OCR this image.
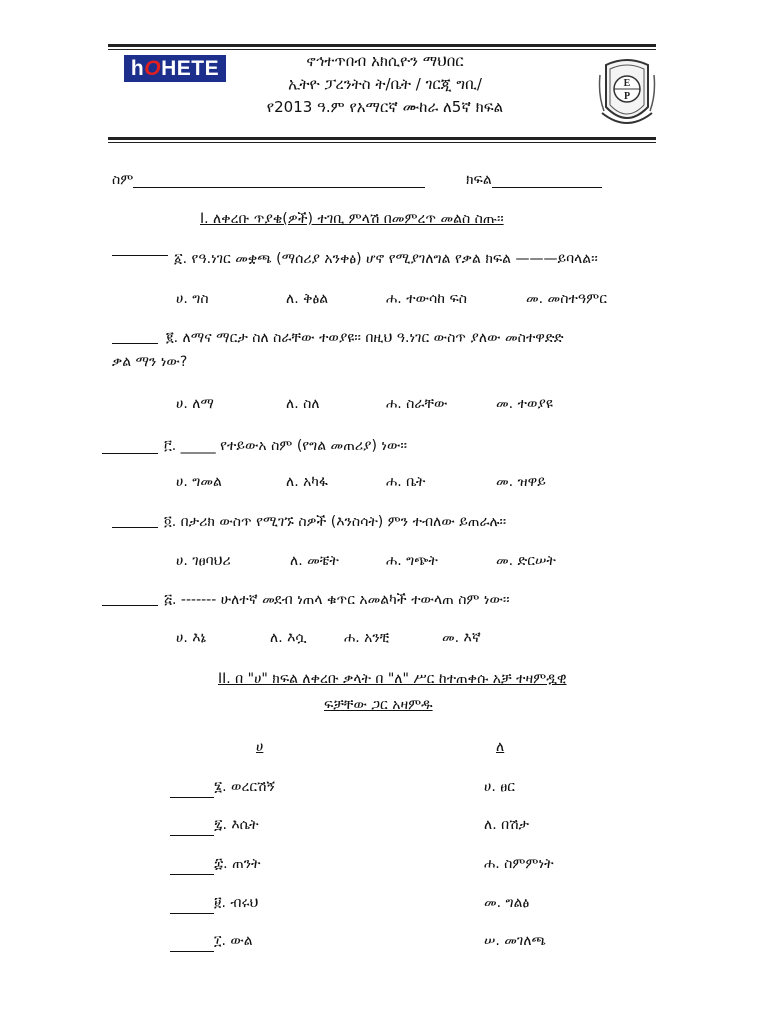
hOHETE	ኖኅተጥበብ አክሲዮን ማህበር
ኢትዮ ፓረንትስ ት/ቤት / ገርጂ ግቢ/
የ2013 ዓ.ም የአማርኛ ሙከራ ለ5ኛ ክፍል
E
P
ስም	ክፍል
I. ለቀረቡ ጥያቄ(ዎች) ተገቢ ምላሽ በመምረጥ መልስ ስጡ፡፡
፩. የዓ.ነገር መቋጫ (ማሰሪያ አንቀፅ) ሆኖ የሚያገለግል የቃል ክፍል ———ይባላል፡፡
ሀ. ግስ	ለ. ቅፅል	ሐ. ተውሳከ ፍስ	መ. መስተዓምር
፪. ለማና ማርታ ስለ ስራቸው ተወያዩ፡፡ በዚህ ዓ.ነገር ውስጥ ያለው መስተዋድድ
ቃል ማን ነው?
ሀ. ለማ	ለ. ስለ	ሐ. ስራቸው	መ. ተወያዩ
፫. _____ የተይውአ ስም (የግል መጠሪያ) ነው፡፡
ሀ. ግመል	ለ. አካፋ	ሐ. ቤት	መ. ዝዋይ
፬. በታሪክ ውስጥ የሚገኙ ስዎች (እንስሳት) ምን ተብለው ይጠራሉ፡፡
ሀ. ገፀባህሪ	ለ. መቼት	ሐ. ግጭት	መ. ድርሠት
፭. ------- ሁለተኛ መደብ ነጠላ ቁጥር አመልካች ተውላጠ ስም ነው፡፡
ሀ. እኔ	ለ. እሷ	ሐ. አንቺ	መ. እኛ
II. በ "ሀ" ክፍል ለቀረቡ ቃላት በ "ለ" ሥር ከተጠቀሱ አቻ ተዛምዷዊ
ፍቻቸው ጋር አዛምዱ
ሀ	ለ
፮. ወረርሽኝ	ሀ. ፀር
፯. እሴት	ለ. በሽታ
፰. ጠንት	ሐ. ስምምነት
፱. ብሩህ	መ. ግልፅ
፲. ውል	ሠ. መገለጫ
